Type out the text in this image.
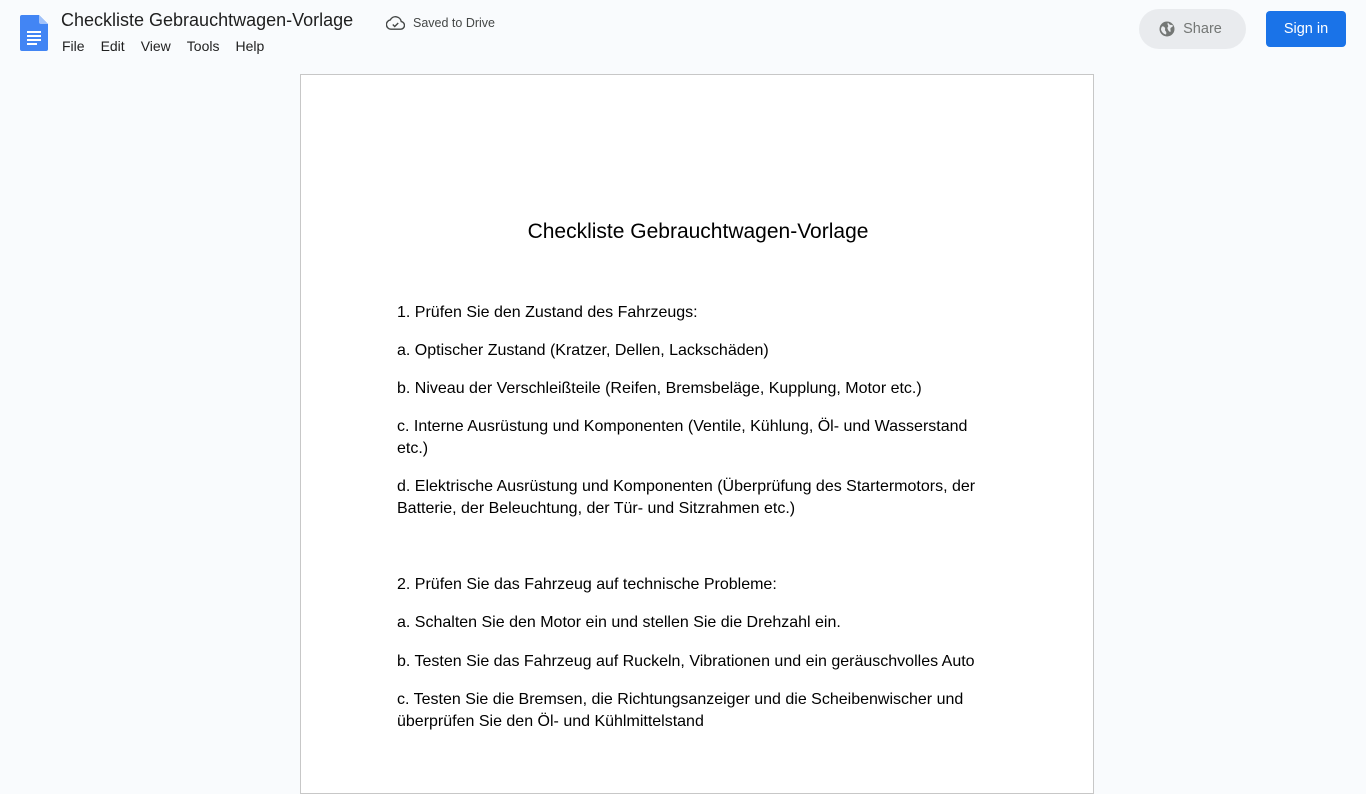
Checkliste Gebrauchtwagen-Vorlage	Saved to Drive
File	Edit	View	Tools	Help
Share	Sign in
Checkliste Gebrauchtwagen-Vorlage
1. Prüfen Sie den Zustand des Fahrzeugs:
a. Optischer Zustand (Kratzer, Dellen, Lackschäden)
b. Niveau der Verschleißteile (Reifen, Bremsbeläge, Kupplung, Motor etc.)
c. Interne Ausrüstung und Komponenten (Ventile, Kühlung, Öl- und Wasserstand etc.)
d. Elektrische Ausrüstung und Komponenten (Überprüfung des Startermotors, der Batterie, der Beleuchtung, der Tür- und Sitzrahmen etc.)
2. Prüfen Sie das Fahrzeug auf technische Probleme:
a. Schalten Sie den Motor ein und stellen Sie die Drehzahl ein.
b. Testen Sie das Fahrzeug auf Ruckeln, Vibrationen und ein geräuschvolles Auto
c. Testen Sie die Bremsen, die Richtungsanzeiger und die Scheibenwischer und überprüfen Sie den Öl- und Kühlmittelstand
